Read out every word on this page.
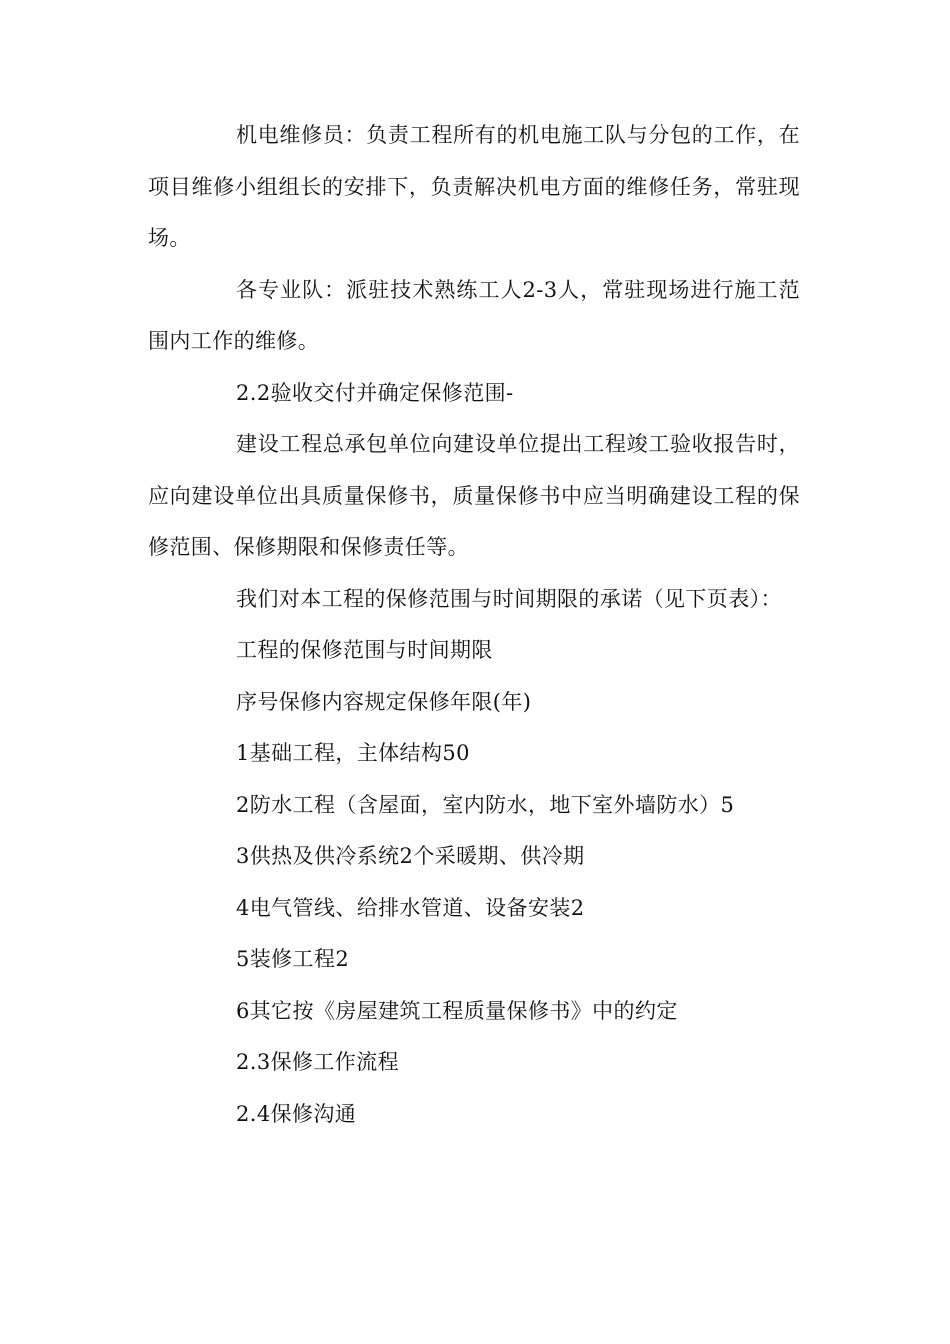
机电维修员：负责工程所有的机电施工队与分包的工作，在项目维修小组组长的安排下，负责解决机电方面的维修任务，常驻现场。

各专业队：派驻技术熟练工人2-3人，常驻现场进行施工范围内工作的维修。

2.2验收交付并确定保修范围-

建设工程总承包单位向建设单位提出工程竣工验收报告时，应向建设单位出具质量保修书，质量保修书中应当明确建设工程的保修范围、保修期限和保修责任等。

我们对本工程的保修范围与时间期限的承诺（见下页表）：

工程的保修范围与时间期限

序号保修内容规定保修年限(年)

1基础工程，主体结构50

2防水工程（含屋面，室内防水，地下室外墙防水）5

3供热及供冷系统2个采暖期、供冷期

4电气管线、给排水管道、设备安装2

5装修工程2

6其它按《房屋建筑工程质量保修书》中的约定

2.3保修工作流程

2.4保修沟通
